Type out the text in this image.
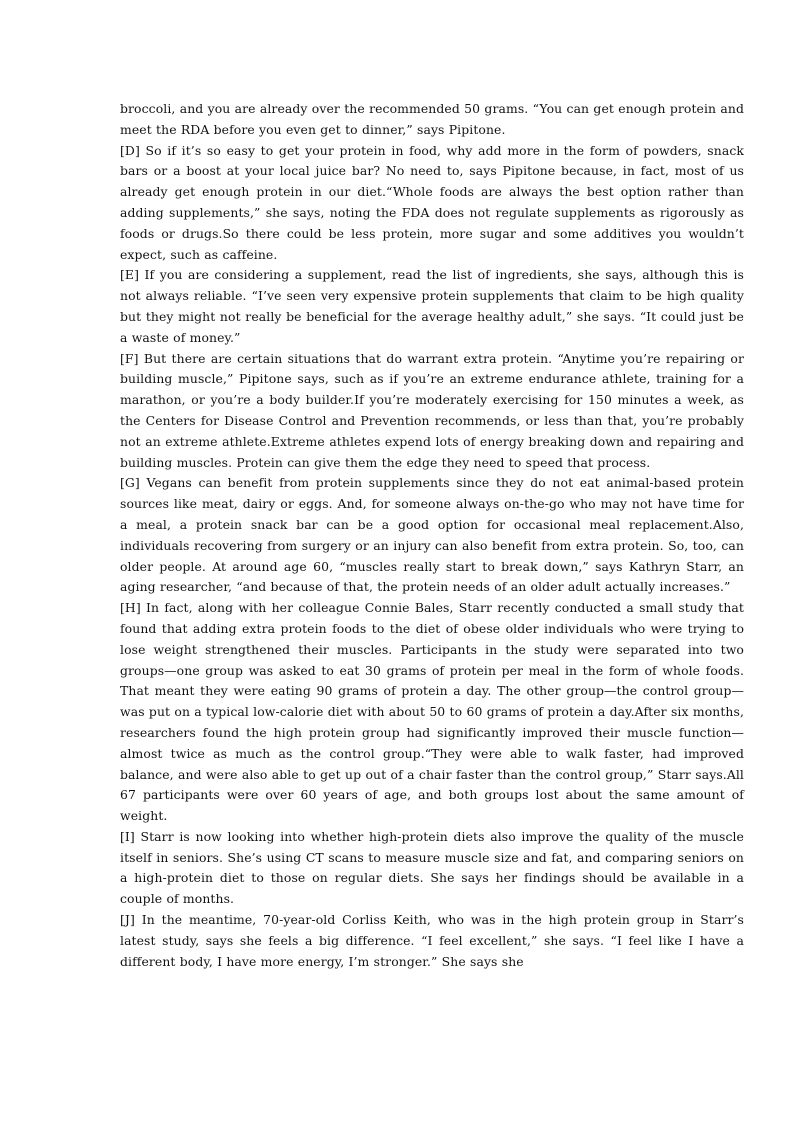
broccoli, and you are already over the recommended 50 grams. “You can get enough protein and meet the RDA before you even get to dinner,” says Pipitone.

[D] So if it’s so easy to get your protein in food, why add more in the form of powders, snack bars or a boost at your local juice bar? No need to, says Pipitone because, in fact, most of us already get enough protein in our diet.“Whole foods are always the best option rather than adding supplements,” she says, noting the FDA does not regulate supplements as rigorously as foods or drugs.So there could be less protein, more sugar and some additives you wouldn’t expect, such as caffeine.

[E] If you are considering a supplement, read the list of ingredients, she says, although this is not always reliable. “I’ve seen very expensive protein supplements that claim to be high quality but they might not really be beneficial for the average healthy adult,” she says. “It could just be a waste of money.”

[F] But there are certain situations that do warrant extra protein. “Anytime you’re repairing or building muscle,” Pipitone says, such as if you’re an extreme endurance athlete, training for a marathon, or you’re a body builder.If you’re moderately exercising for 150 minutes a week, as the Centers for Disease Control and Prevention recommends, or less than that, you’re probably not an extreme athlete.Extreme athletes expend lots of energy breaking down and repairing and building muscles. Protein can give them the edge they need to speed that process.

[G] Vegans can benefit from protein supplements since they do not eat animal-based protein sources like meat, dairy or eggs. And, for someone always on-the-go who may not have time for a meal, a protein snack bar can be a good option for occasional meal replacement.Also, individuals recovering from surgery or an injury can also benefit from extra protein. So, too, can older people. At around age 60, “muscles really start to break down,” says Kathryn Starr, an aging researcher, “and because of that, the protein needs of an older adult actually increases.”

[H] In fact, along with her colleague Connie Bales, Starr recently conducted a small study that found that adding extra protein foods to the diet of obese older individuals who were trying to lose weight strengthened their muscles. Participants in the study were separated into two groups—one group was asked to eat 30 grams of protein per meal in the form of whole foods. That meant they were eating 90 grams of protein a day. The other group—the control group—was put on a typical low-calorie diet with about 50 to 60 grams of protein a day.After six months, researchers found the high protein group had significantly improved their muscle function—almost twice as much as the control group.“They were able to walk faster, had improved balance, and were also able to get up out of a chair faster than the control group,” Starr says.All 67 participants were over 60 years of age, and both groups lost about the same amount of weight.

[I] Starr is now looking into whether high-protein diets also improve the quality of the muscle itself in seniors. She’s using CT scans to measure muscle size and fat, and comparing seniors on a high-protein diet to those on regular diets. She says her findings should be available in a couple of months.

[J] In the meantime, 70-year-old Corliss Keith, who was in the high protein group in Starr’s latest study, says she feels a big difference. “I feel excellent,” she says. “I feel like I have a different body, I have more energy, I’m stronger.” She says she
